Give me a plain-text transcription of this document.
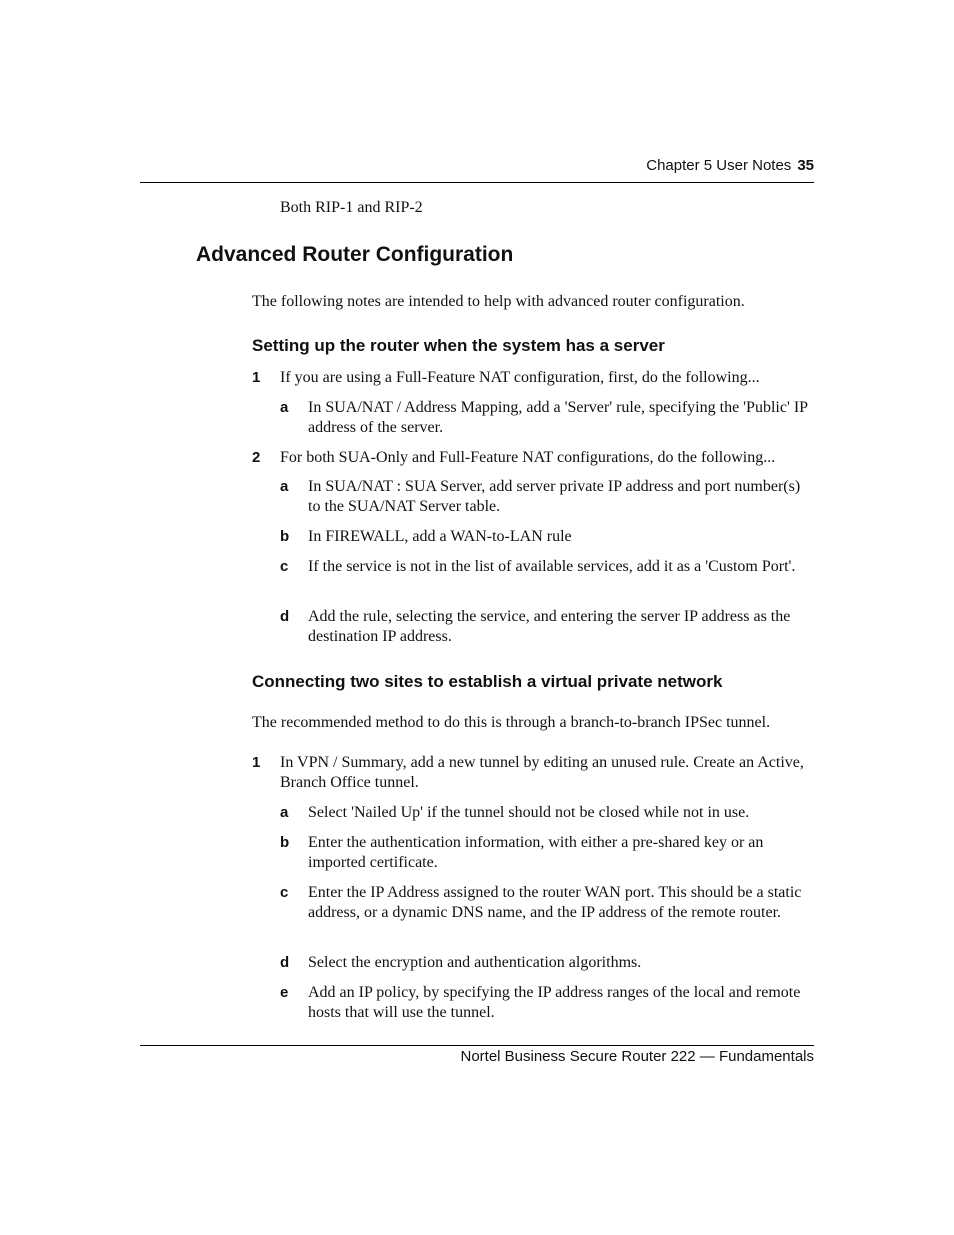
Chapter 5 User Notes 35
Both RIP-1 and RIP-2
Advanced Router Configuration
The following notes are intended to help with advanced router configuration.
Setting up the router when the system has a server
1 If you are using a Full-Feature NAT configuration, first, do the following...
a In SUA/NAT / Address Mapping, add a 'Server' rule, specifying the 'Public' IP address of the server.
2 For both SUA-Only and Full-Feature NAT configurations, do the following...
a In SUA/NAT : SUA Server, add server private IP address and port number(s) to the SUA/NAT Server table.
b In FIREWALL, add a WAN-to-LAN rule
c If the service is not in the list of available services, add it as a 'Custom Port'.
d Add the rule, selecting the service, and entering the server IP address as the destination IP address.
Connecting two sites to establish a virtual private network
The recommended method to do this is through a branch-to-branch IPSec tunnel.
1 In VPN / Summary, add a new tunnel by editing an unused rule. Create an Active, Branch Office tunnel.
a Select 'Nailed Up' if the tunnel should not be closed while not in use.
b Enter the authentication information, with either a pre-shared key or an imported certificate.
c Enter the IP Address assigned to the router WAN port. This should be a static address, or a dynamic DNS name, and the IP address of the remote router.
d Select the encryption and authentication algorithms.
e Add an IP policy, by specifying the IP address ranges of the local and remote hosts that will use the tunnel.
Nortel Business Secure Router 222 — Fundamentals
